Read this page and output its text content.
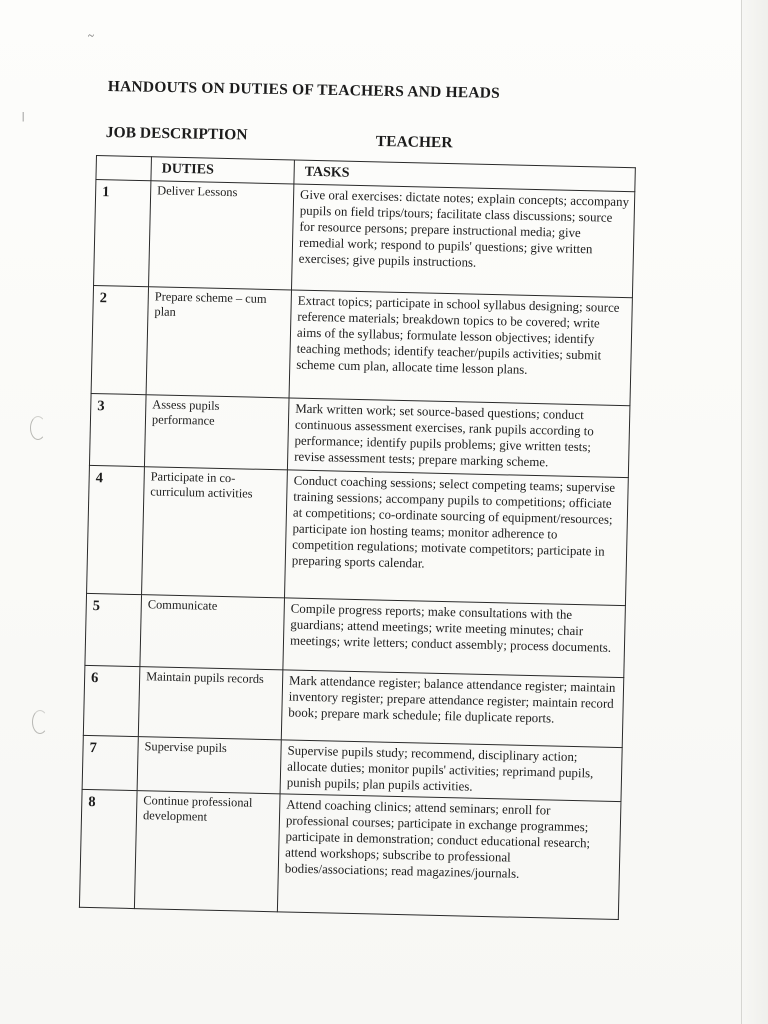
|
~
HANDOUTS ON DUTIES OF TEACHERS AND HEADS
JOB DESCRIPTION	TEACHER
	DUTIES	TASKS
1	Deliver Lessons	Give oral exercises: dictate notes; explain concepts; accompany pupils on field trips/tours; facilitate class discussions; source for resource persons; prepare instructional media; give remedial work; respond to pupils' questions; give written exercises; give pupils instructions.
2	Prepare scheme – cum plan	Extract topics; participate in school syllabus designing; source reference materials; breakdown topics to be covered; write aims of the syllabus; formulate lesson objectives; identify teaching methods; identify teacher/pupils activities; submit scheme cum plan, allocate time lesson plans.
3	Assess pupils performance	Mark written work; set source-based questions; conduct continuous assessment exercises, rank pupils according to performance; identify pupils problems; give written tests; revise assessment tests; prepare marking scheme.
4	Participate in co-curriculum activities	Conduct coaching sessions; select competing teams; supervise training sessions; accompany pupils to competitions; officiate at competitions; co-ordinate sourcing of equipment/resources; participate ion hosting teams; monitor adherence to competition regulations; motivate competitors; participate in preparing sports calendar.
5	Communicate	Compile progress reports; make consultations with the guardians; attend meetings; write meeting minutes; chair meetings; write letters; conduct assembly; process documents.
6	Maintain pupils records	Mark attendance register; balance attendance register; maintain inventory register; prepare attendance register; maintain record book; prepare mark schedule; file duplicate reports.
7	Supervise pupils	Supervise pupils study; recommend, disciplinary action; allocate duties; monitor pupils' activities; reprimand pupils, punish pupils; plan pupils activities.
8	Continue professional development	Attend coaching clinics; attend seminars; enroll for professional courses; participate in exchange programmes; participate in demonstration; conduct educational research; attend workshops; subscribe to professional bodies/associations; read magazines/journals.
